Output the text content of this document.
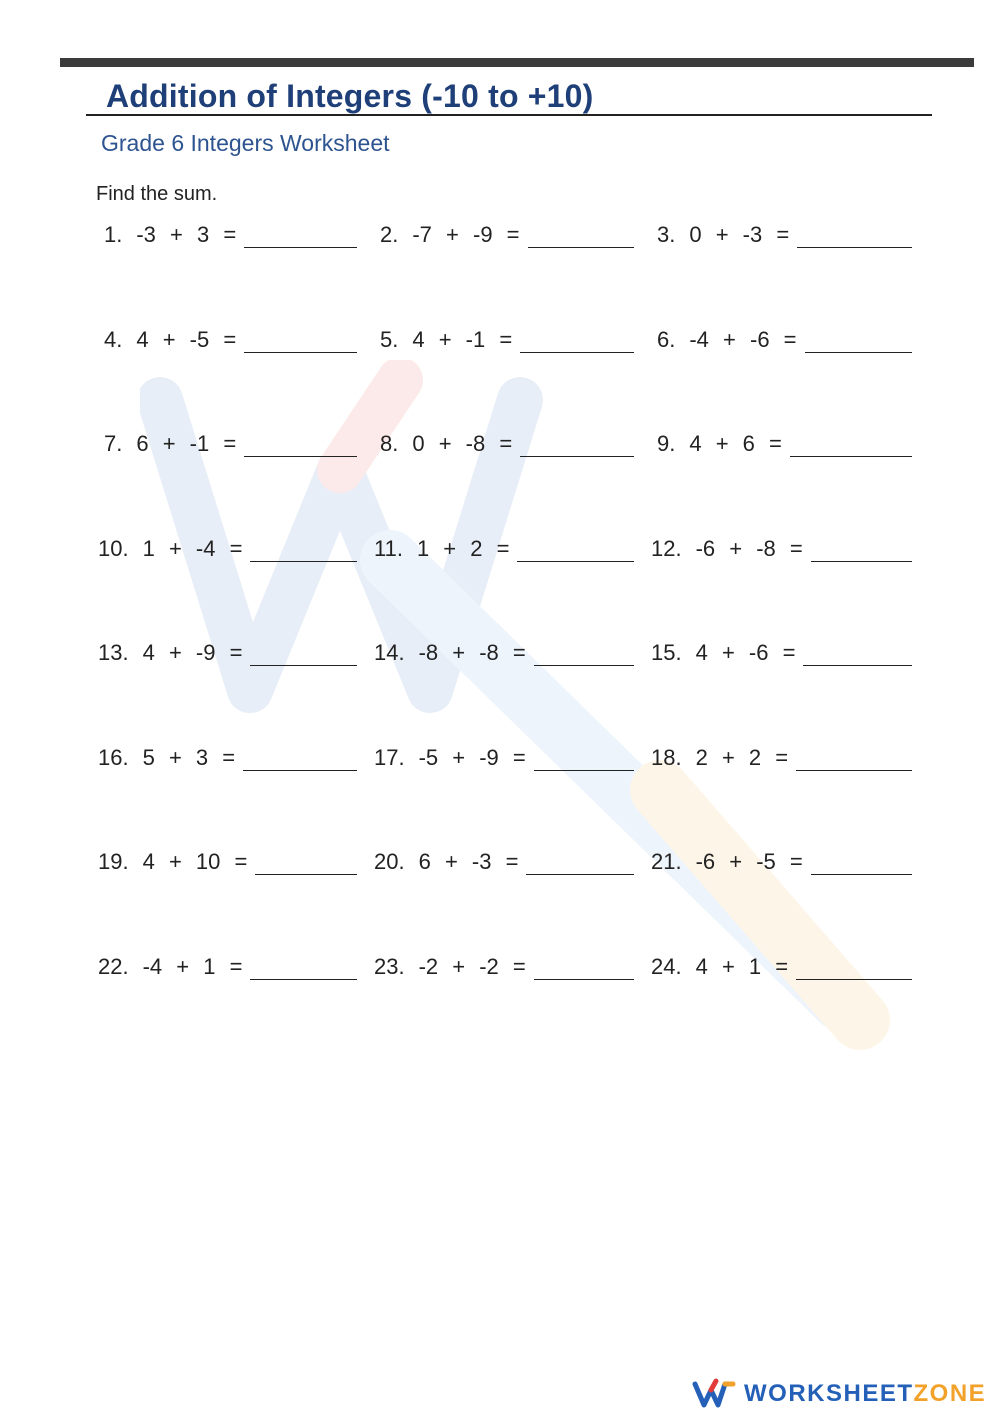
Addition of Integers (-10 to +10)
Grade 6 Integers Worksheet
Find the sum.
1. -3 + 3 =	2. -7 + -9 =	3. 0 + -3 =
4. 4 + -5 =	5. 4 + -1 =	6. -4 + -6 =
7. 6 + -1 =	8. 0 + -8 =	9. 4 + 6 =
10. 1 + -4 =	11. 1 + 2 =	12. -6 + -8 =
13. 4 + -9 =	14. -8 + -8 =	15. 4 + -6 =
16. 5 + 3 =	17. -5 + -9 =	18. 2 + 2 =
19. 4 + 10 =	20. 6 + -3 =	21. -6 + -5 =
22. -4 + 1 =	23. -2 + -2 =	24. 4 + 1 =
WORKSHEET ZONE
